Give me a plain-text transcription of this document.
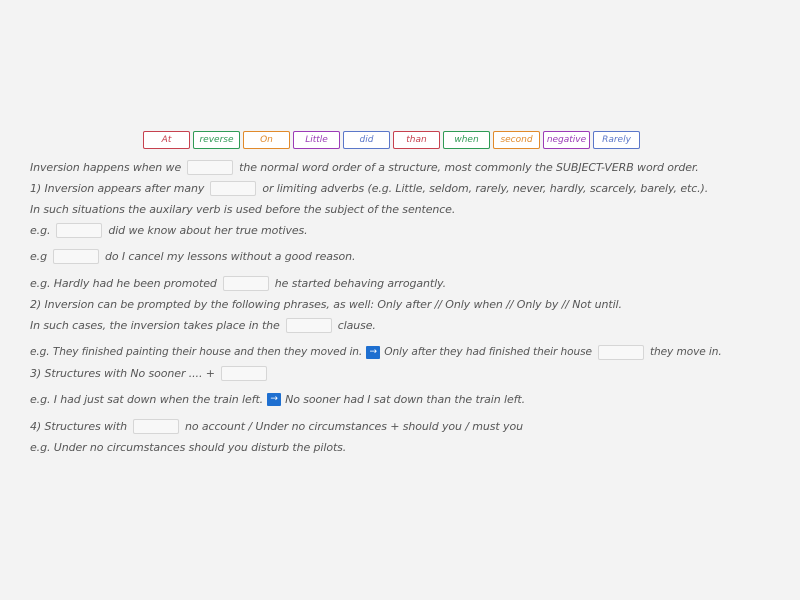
At	reverse	On	Little	did	than	when	second	negative	Rarely
Inversion happens when we	the normal word order of a structure, most commonly the SUBJECT-VERB word order.
1) Inversion appears after many	or limiting adverbs (e.g. Little, seldom, rarely, never, hardly, scarcely, barely, etc.).
In such situations the auxilary verb is used before the subject of the sentence.
e.g.	did we know about her true motives.
e.g	do I cancel my lessons without a good reason.
e.g. Hardly had he been promoted	he started behaving arrogantly.
2) Inversion can be prompted by the following phrases, as well: Only after // Only when // Only by // Not until.
In such cases, the inversion takes place in the	clause.
e.g. They finished painting their house and then they moved in. → Only after they had finished their house	they move in.
3) Structures with No sooner .... +
e.g. I had just sat down when the train left. → No sooner had I sat down than the train left.
4) Structures with	no account / Under no circumstances + should you / must you
e.g. Under no circumstances should you disturb the pilots.
